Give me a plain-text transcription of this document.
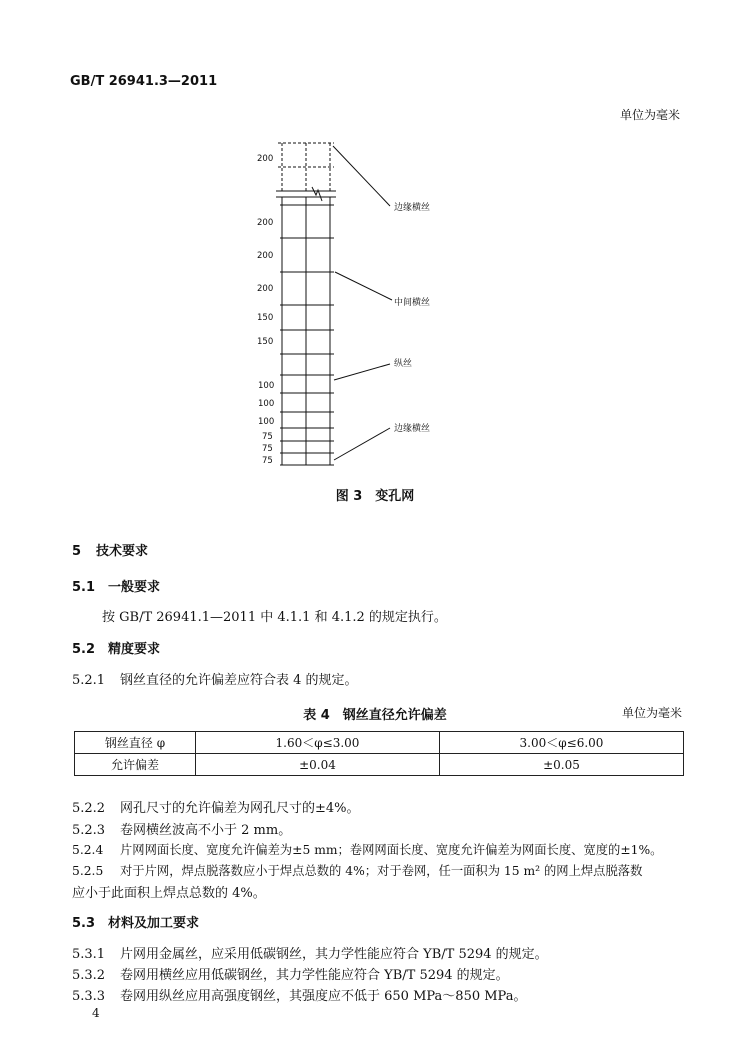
GB/T 26941.3—2011
单位为毫米
200
200
200
200
150
150
100
100
100
75
75
75
边缘横丝
中间横丝
纵丝
边缘横丝
图 3　变孔网
5 技术要求
5.1 一般要求
按 GB/T 26941.1—2011 中 4.1.1 和 4.1.2 的规定执行。
5.2 精度要求
5.2.1 钢丝直径的允许偏差应符合表 4 的规定。
表 4　钢丝直径允许偏差	单位为毫米
钢丝直径 φ	1.60＜φ≤3.00	3.00＜φ≤6.00
允许偏差	±0.04	±0.05
5.2.2 网孔尺寸的允许偏差为网孔尺寸的±4%。
5.2.3 卷网横丝波高不小于 2 mm。
5.2.4 片网网面长度、宽度允许偏差为±5 mm；卷网网面长度、宽度允许偏差为网面长度、宽度的±1%。
5.2.5 对于片网，焊点脱落数应小于焊点总数的 4%；对于卷网，任一面积为 15 m² 的网上焊点脱落数
应小于此面积上焊点总数的 4%。
5.3 材料及加工要求
5.3.1 片网用金属丝，应采用低碳钢丝，其力学性能应符合 YB/T 5294 的规定。
5.3.2 卷网用横丝应用低碳钢丝，其力学性能应符合 YB/T 5294 的规定。
5.3.3 卷网用纵丝应用高强度钢丝，其强度应不低于 650 MPa～850 MPa。
4
